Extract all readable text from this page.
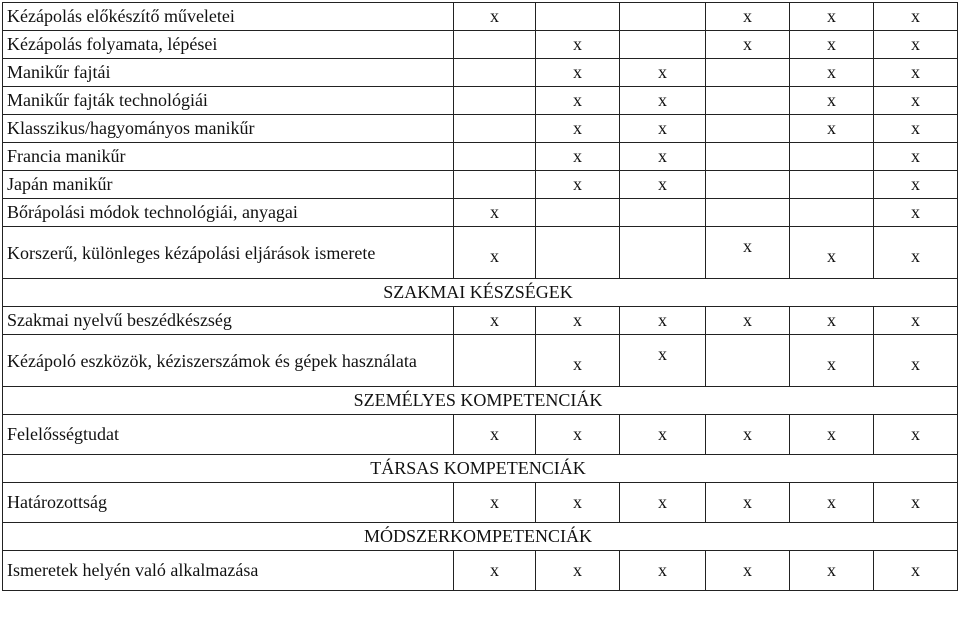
Kézápolás előkészítő műveletei	x			x	x	x
Kézápolás folyamata, lépései		x		x	x	x
Manikűr fajtái		x	x		x	x
Manikűr fajták technológiái		x	x		x	x
Klasszikus/hagyományos manikűr		x	x		x	x
Francia manikűr		x	x			x
Japán manikűr		x	x			x
Bőrápolási módok technológiái, anyagai	x					x
Korszerű, különleges kézápolási eljárások ismerete	x			x	x	x
SZAKMAI KÉSZSÉGEK						
Szakmai nyelvű beszédkészség	x	x	x	x	x	x
Kézápoló eszközök, kéziszerszámok és gépek használata		x	x		x	x
SZEMÉLYES KOMPETENCIÁK						
Felelősségtudat	x	x	x	x	x	x
TÁRSAS KOMPETENCIÁK						
Határozottság	x	x	x	x	x	x
MÓDSZERKOMPETENCIÁK						
Ismeretek helyén való alkalmazása	x	x	x	x	x	x
